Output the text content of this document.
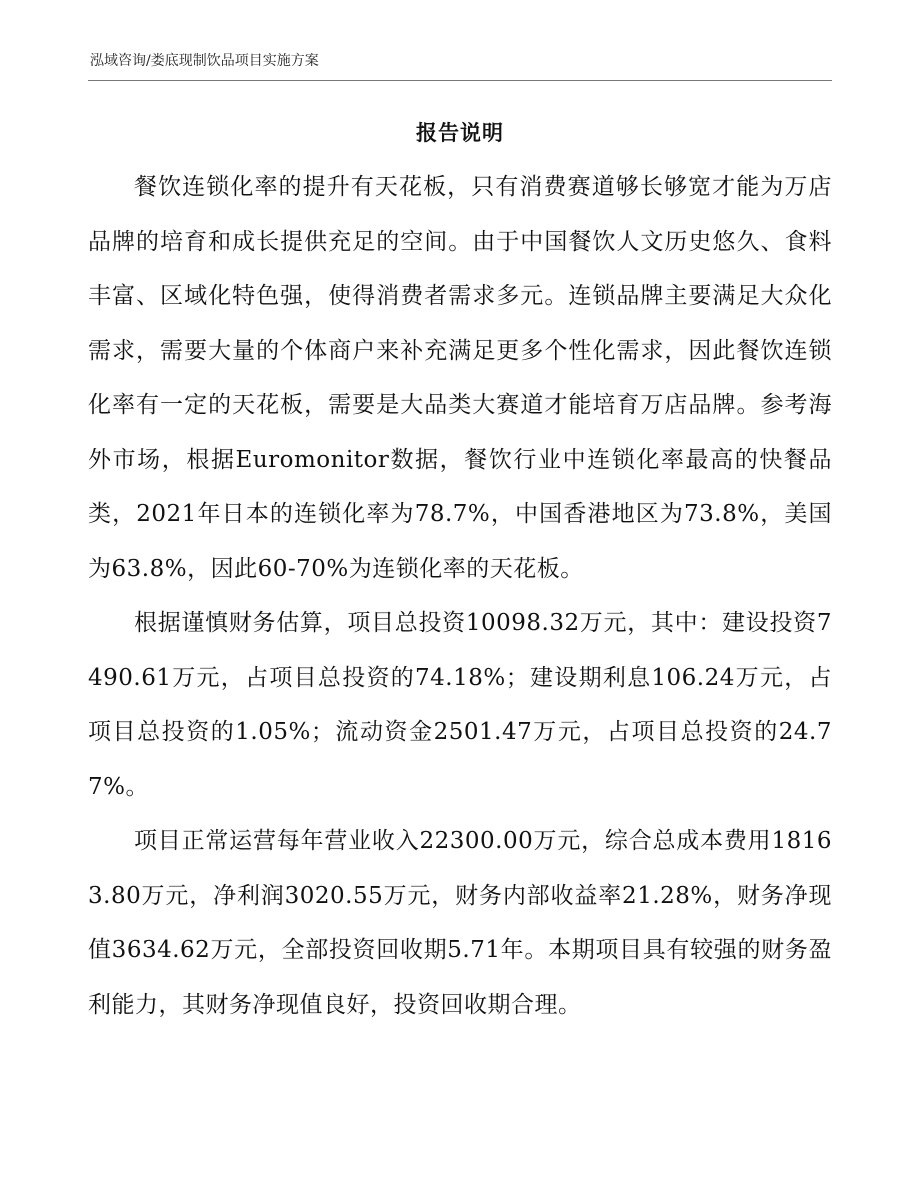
泓域咨询/娄底现制饮品项目实施方案
报告说明

餐饮连锁化率的提升有天花板，只有消费赛道够长够宽才能为万店品牌的培育和成长提供充足的空间。由于中国餐饮人文历史悠久、食料丰富、区域化特色强，使得消费者需求多元。连锁品牌主要满足大众化需求，需要大量的个体商户来补充满足更多个性化需求，因此餐饮连锁化率有一定的天花板，需要是大品类大赛道才能培育万店品牌。参考海外市场，根据Euromonitor数据，餐饮行业中连锁化率最高的快餐品类，2021年日本的连锁化率为78.7%，中国香港地区为73.8%，美国为63.8%，因此60-70%为连锁化率的天花板。

根据谨慎财务估算，项目总投资10098.32万元，其中：建设投资7490.61万元，占项目总投资的74.18%；建设期利息106.24万元，占项目总投资的1.05%；流动资金2501.47万元，占项目总投资的24.77%。

项目正常运营每年营业收入22300.00万元，综合总成本费用18163.80万元，净利润3020.55万元，财务内部收益率21.28%，财务净现值3634.62万元，全部投资回收期5.71年。本期项目具有较强的财务盈利能力，其财务净现值良好，投资回收期合理。
